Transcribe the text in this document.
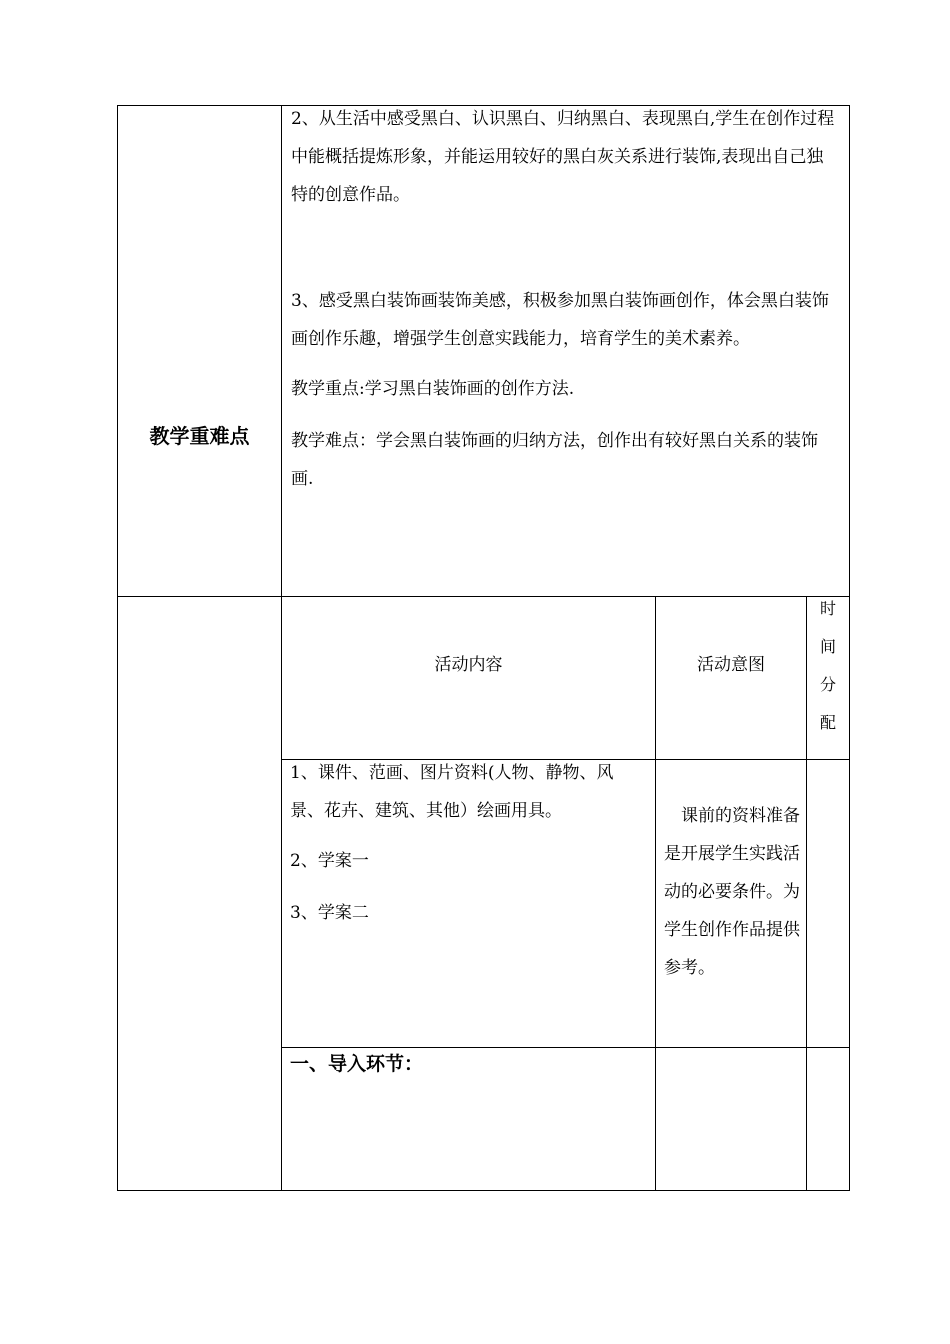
教学重难点

2、从生活中感受黑白、认识黑白、归纳黑白、表现黑白,学生在创作过程中能概括提炼形象，并能运用较好的黑白灰关系进行装饰,表现出自己独特的创意作品。

3、感受黑白装饰画装饰美感，积极参加黑白装饰画创作，体会黑白装饰画创作乐趣，增强学生创意实践能力，培育学生的美术素养。

教学重点:学习黑白装饰画的创作方法.

教学难点：学会黑白装饰画的归纳方法，创作出有较好黑白关系的装饰画.

活动内容	活动意图
时
间
分
配

1、课件、范画、图片资料(人物、静物、风景、花卉、建筑、其他）绘画用具。

2、学案一

3、学案二

课前的资料准备是开展学生实践活动的必要条件。为学生创作作品提供参考。
一、导入环节：
